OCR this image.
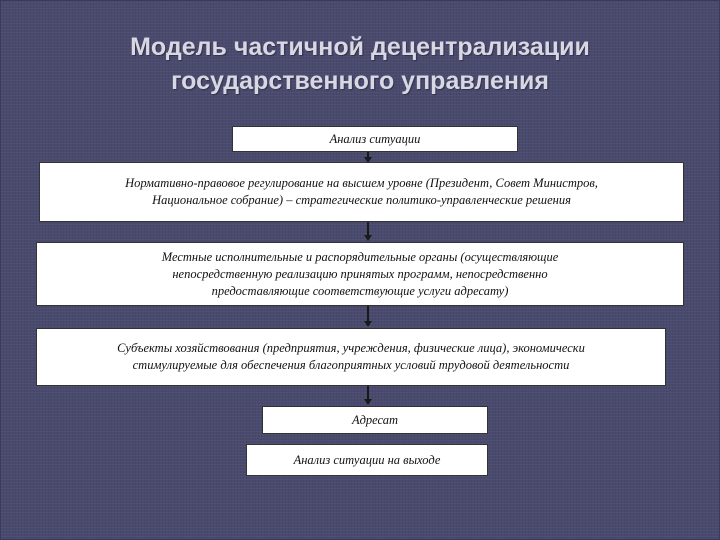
Модель частичной децентрализации
государственного управления
Анализ ситуации
Нормативно-правовое регулирование на высшем уровне (Президент, Совет Министров,
Национальное собрание) – стратегические политико-управленческие решения
Местные исполнительные и распорядительные органы (осуществляющие
непосредственную реализацию принятых программ, непосредственно
предоставляющие соответствующие услуги адресату)
Субъекты хозяйствования (предприятия, учреждения, физические лица), экономически
стимулируемые для обеспечения благоприятных условий трудовой деятельности
Адресат
Анализ ситуации на выходе
